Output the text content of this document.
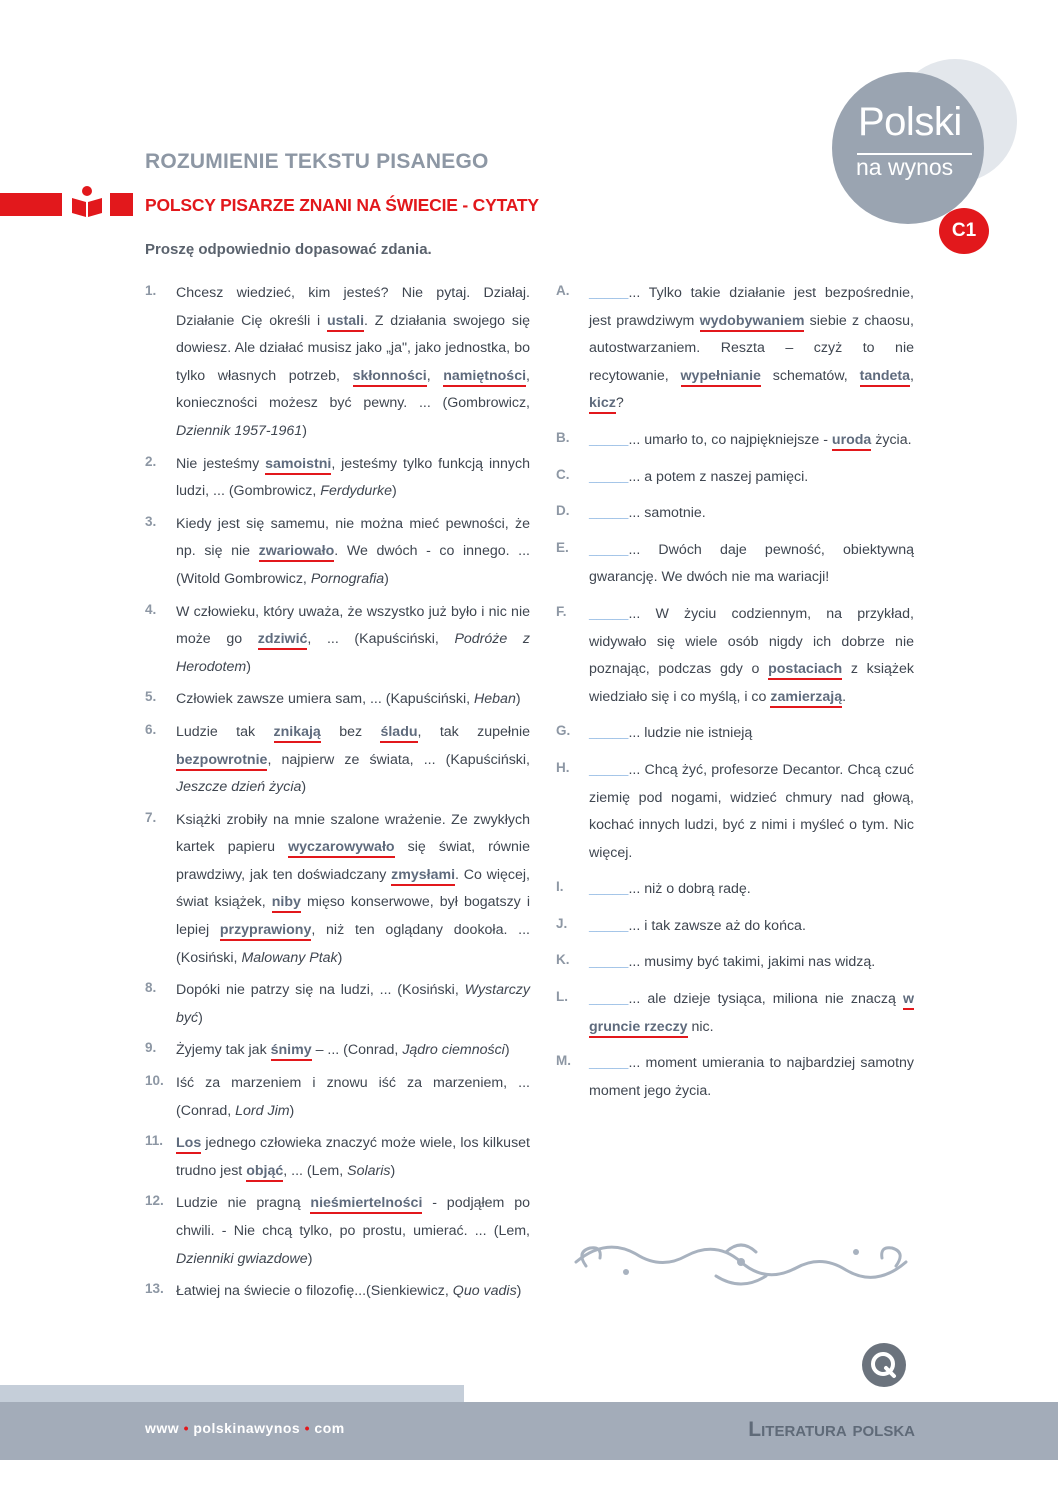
Polski
na wynos
C1
ROZUMIENIE TEKSTU PISANEGO
POLSCY PISARZE ZNANI NA ŚWIECIE - CYTATY
Proszę odpowiednio dopasować zdania.
1.	Chcesz wiedzieć, kim jesteś? Nie pytaj. Działaj. Działanie Cię określi i ustali. Z działania swojego się dowiesz. Ale działać musisz jako „ja", jako jednostka, bo tylko własnych potrzeb, skłonności, namiętności, konieczności możesz być pewny. ... (Gombrowicz, Dziennik 1957-1961)
2.	Nie jesteśmy samoistni, jesteśmy tylko funkcją innych ludzi, ... (Gombrowicz, Ferdydurke)
3.	Kiedy jest się samemu, nie można mieć pewności, że np. się nie zwariowało. We dwóch - co innego. ... (Witold Gombrowicz, Pornografia)
4.	W człowieku, który uważa, że wszystko już było i nic nie może go zdziwić, ... (Kapuściński, Podróże z Herodotem)
5.	Człowiek zawsze umiera sam, ... (Kapuściński, Heban)
6.	Ludzie tak znikają bez śladu, tak zupełnie bezpowrotnie, najpierw ze świata, ... (Kapuściński, Jeszcze dzień życia)
7.	Książki zrobiły na mnie szalone wrażenie. Ze zwykłych kartek papieru wyczarowywało się świat, równie prawdziwy, jak ten doświadczany zmysłami. Co więcej, świat książek, niby mięso konserwowe, był bogatszy i lepiej przyprawiony, niż ten oglądany dookoła. ... (Kosiński, Malowany Ptak)
8.	Dopóki nie patrzy się na ludzi, ... (Kosiński, Wystarczy być)
9.	Żyjemy tak jak śnimy – ... (Conrad, Jądro ciemności)
10. Iść za marzeniem i znowu iść za marzeniem, ... (Conrad, Lord Jim)
11. Los jednego człowieka znaczyć może wiele, los kilkuset trudno jest objąć, ... (Lem, Solaris)
12. Ludzie nie pragną nieśmiertelności - podjąłem po chwili. - Nie chcą tylko, po prostu, umierać. ... (Lem, Dzienniki gwiazdowe)
13. Łatwiej na świecie o filozofię...(Sienkiewicz, Quo vadis)
A.	_____... Tylko takie działanie jest bezpośrednie, jest prawdziwym wydobywaniem siebie z chaosu, autostwarzaniem. Reszta – czyż to nie recytowanie, wypełnianie schematów, tandeta, kicz?
B.	_____... umarło to, co najpiękniejsze - uroda życia.
C.	_____... a potem z naszej pamięci.
D.	_____... samotnie.
E.	_____... Dwóch daje pewność, obiektywną gwarancję. We dwóch nie ma wariacji!
F.	_____... W życiu codziennym, na przykład, widywało się wiele osób nigdy ich dobrze nie poznając, podczas gdy o postaciach z książek wiedziało się i co myślą, i co zamierzają.
G.	_____... ludzie nie istnieją
H.	_____... Chcą żyć, profesorze Decantor. Chcą czuć ziemię pod nogami, widzieć chmury nad głową, kochać innych ludzi, być z nimi i myśleć o tym. Nic więcej.
I.	_____... niż o dobrą radę.
J.	_____... i tak zawsze aż do końca.
K.	_____... musimy być takimi, jakimi nas widzą.
L.	_____... ale dzieje tysiąca, miliona nie znaczą w gruncie rzeczy nic.
M.	_____... moment umierania to najbardziej samotny moment jego życia.
www • polskinawynos • com	Literatura polska
